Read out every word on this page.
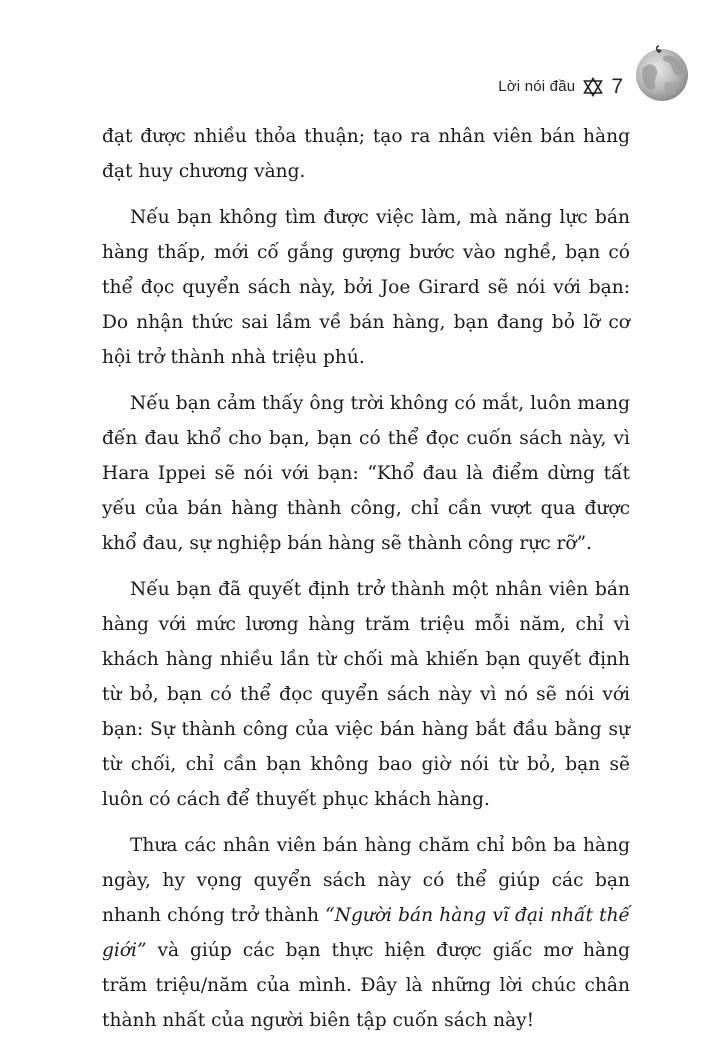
Lời nói đầu 7

đạt được nhiều thỏa thuận; tạo ra nhân viên bán hàng đạt huy chương vàng.

Nếu bạn không tìm được việc làm, mà năng lực bán hàng thấp, mới cố gắng gượng bước vào nghề, bạn có thể đọc quyển sách này, bởi Joe Girard sẽ nói với bạn: Do nhận thức sai lầm về bán hàng, bạn đang bỏ lỡ cơ hội trở thành nhà triệu phú.

Nếu bạn cảm thấy ông trời không có mắt, luôn mang đến đau khổ cho bạn, bạn có thể đọc cuốn sách này, vì Hara Ippei sẽ nói với bạn: “Khổ đau là điểm dừng tất yếu của bán hàng thành công, chỉ cần vượt qua được khổ đau, sự nghiệp bán hàng sẽ thành công rực rỡ”.

Nếu bạn đã quyết định trở thành một nhân viên bán hàng với mức lương hàng trăm triệu mỗi năm, chỉ vì khách hàng nhiều lần từ chối mà khiến bạn quyết định từ bỏ, bạn có thể đọc quyển sách này vì nó sẽ nói với bạn: Sự thành công của việc bán hàng bắt đầu bằng sự từ chối, chỉ cần bạn không bao giờ nói từ bỏ, bạn sẽ luôn có cách để thuyết phục khách hàng.

Thưa các nhân viên bán hàng chăm chỉ bôn ba hàng ngày, hy vọng quyển sách này có thể giúp các bạn nhanh chóng trở thành “Người bán hàng vĩ đại nhất thế giới” và giúp các bạn thực hiện được giấc mơ hàng trăm triệu/năm của mình. Đây là những lời chúc chân thành nhất của người biên tập cuốn sách này!
